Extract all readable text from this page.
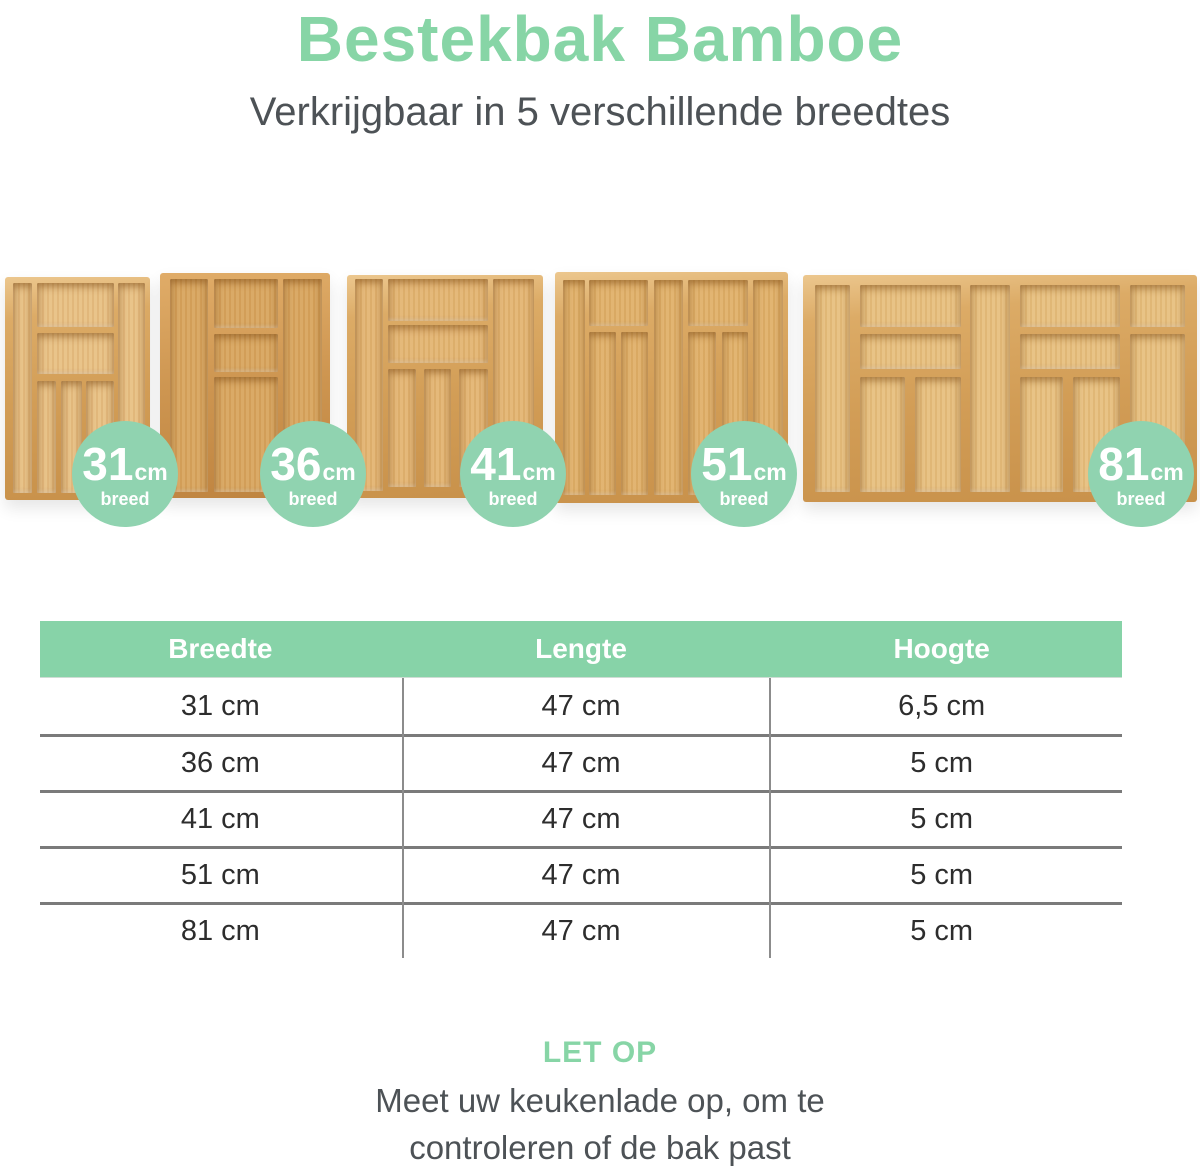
Bestekbak Bamboe
Verkrijgbaar in 5 verschillende breedtes
31 cm
breed
36 cm
breed
41 cm
breed
51 cm
breed
81 cm
breed
Breedte	Lengte	Hoogte
31 cm	47 cm	6,5 cm
36 cm	47 cm	5 cm
41 cm	47 cm	5 cm
51 cm	47 cm	5 cm
81 cm	47 cm	5 cm
LET OP
Meet uw keukenlade op, om te
controleren of de bak past
